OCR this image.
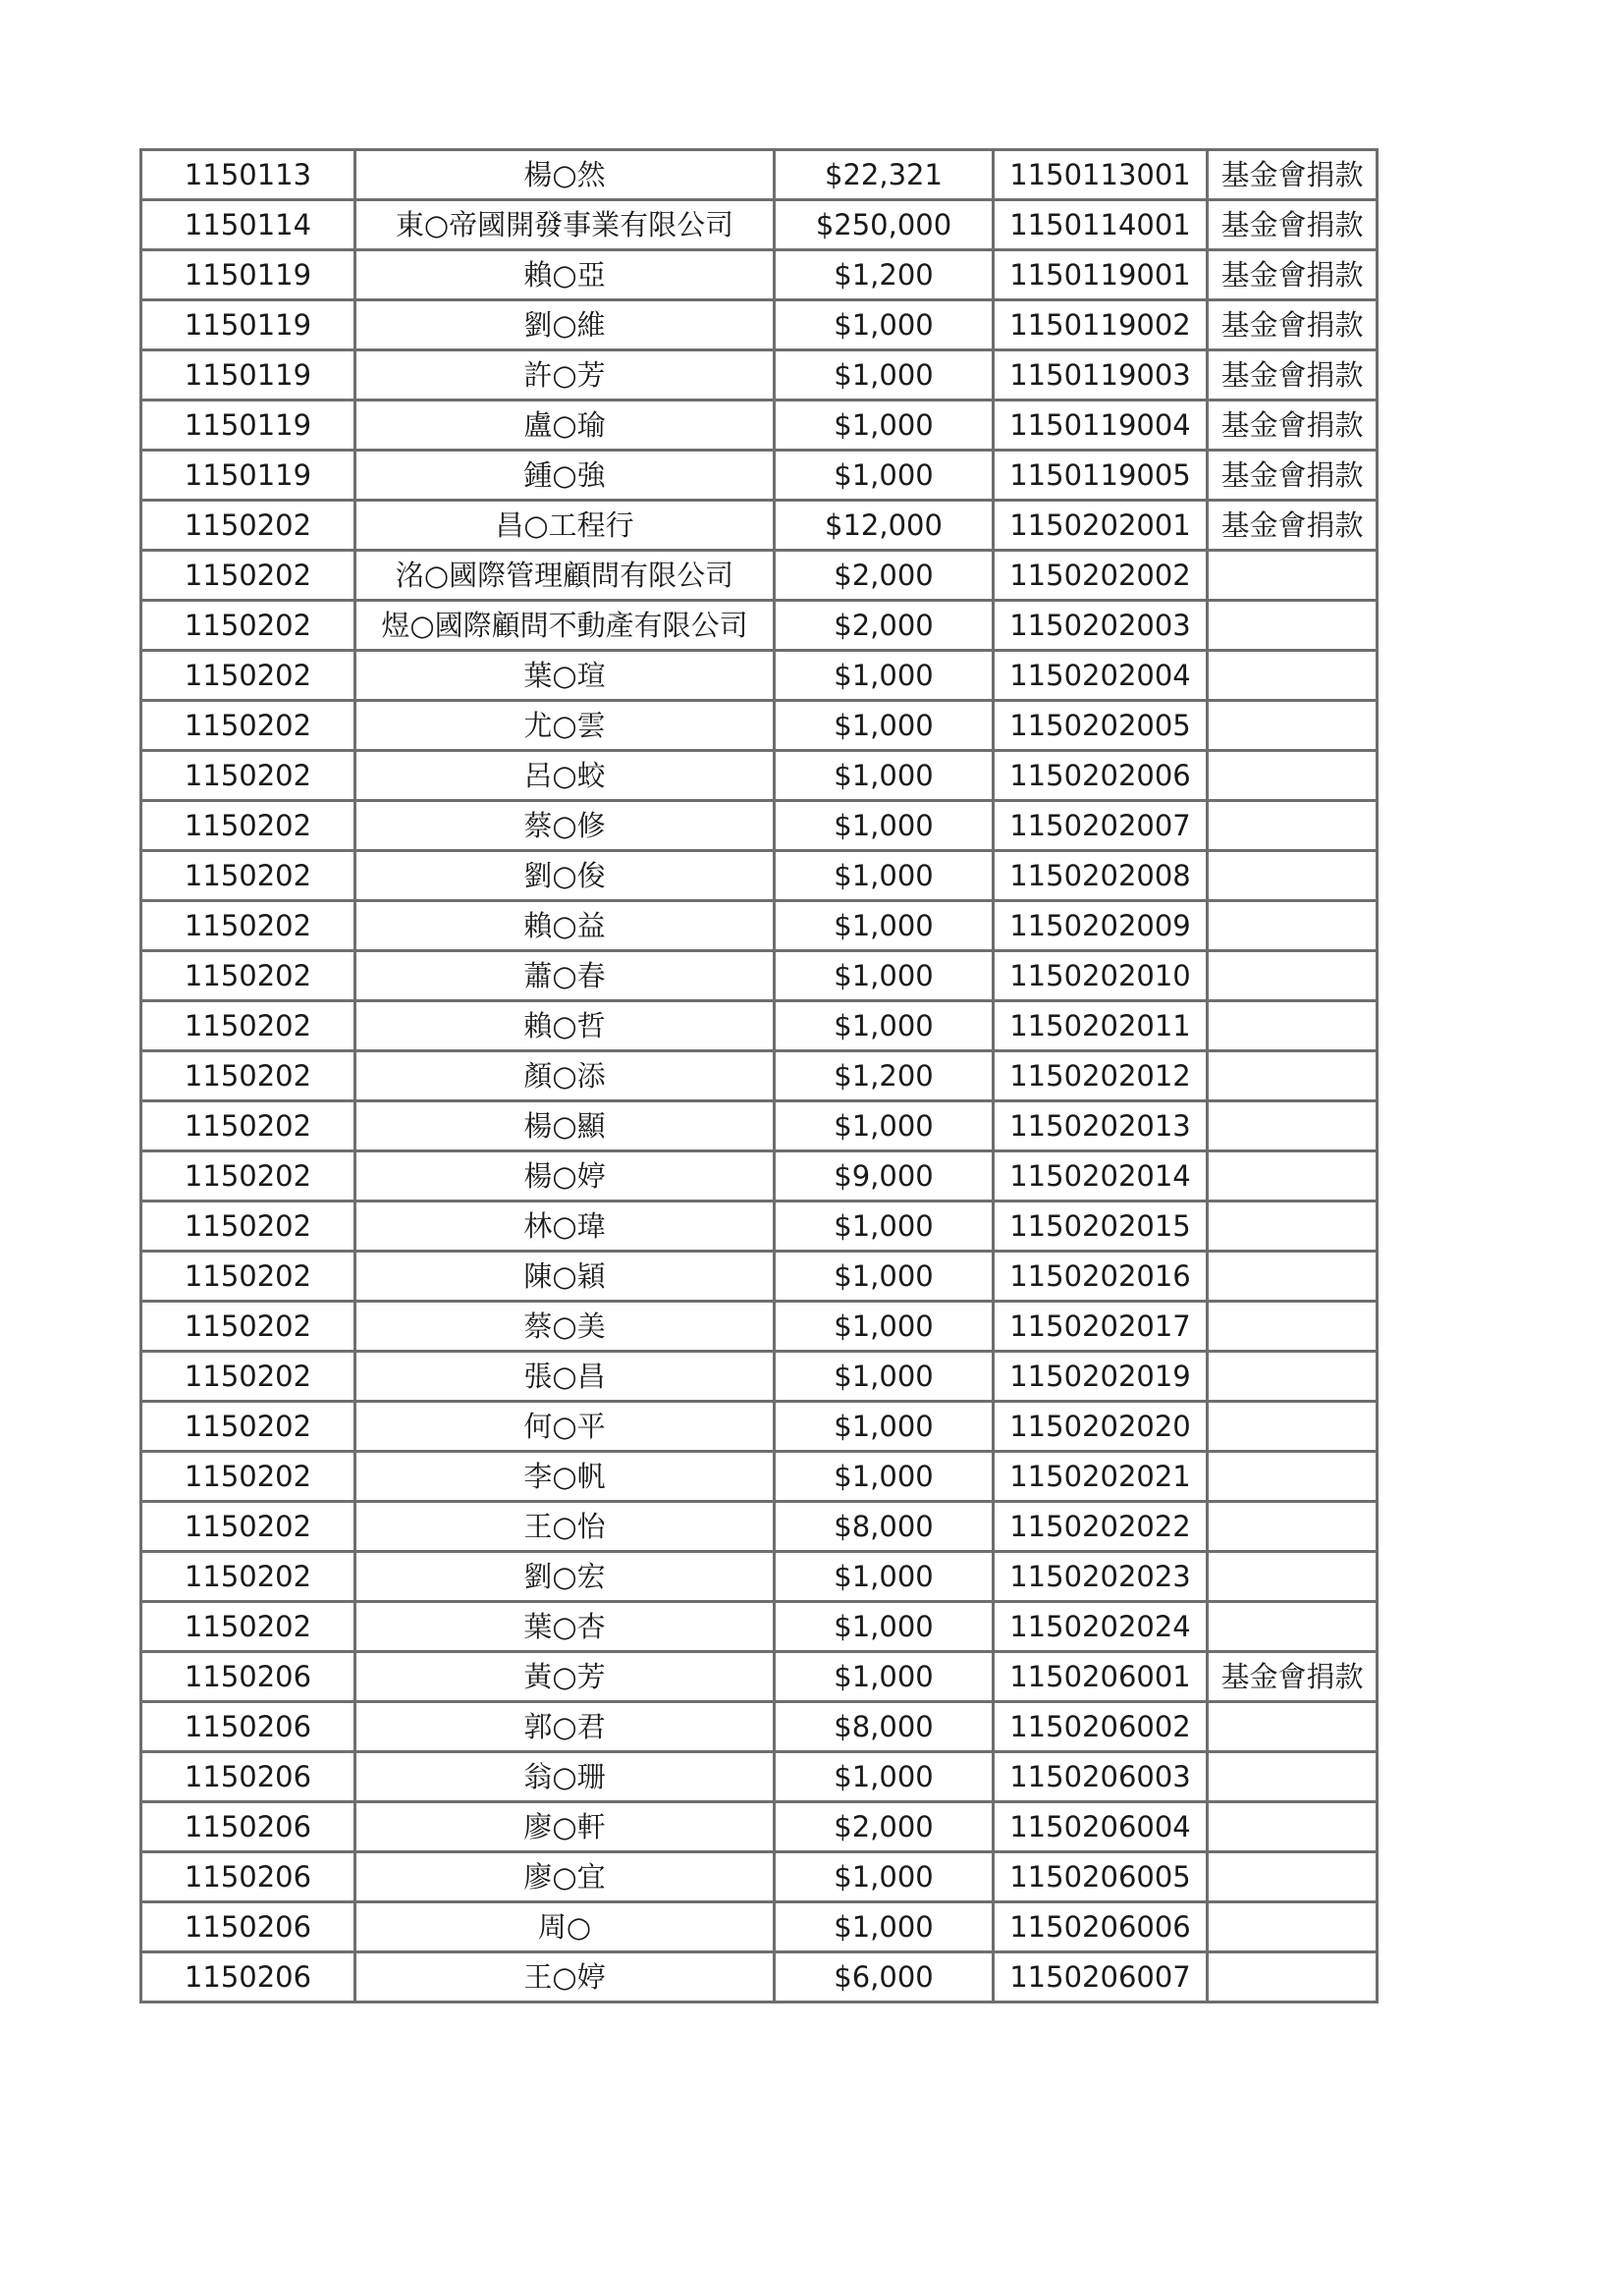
1150113	楊○然	$22,321	1150113001	基金會捐款
1150114	東○帝國開發事業有限公司	$250,000	1150114001	基金會捐款
1150119	賴○亞	$1,200	1150119001	基金會捐款
1150119	劉○維	$1,000	1150119002	基金會捐款
1150119	許○芳	$1,000	1150119003	基金會捐款
1150119	盧○瑜	$1,000	1150119004	基金會捐款
1150119	鍾○強	$1,000	1150119005	基金會捐款
1150202	昌○工程行	$12,000	1150202001	基金會捐款
1150202	洺○國際管理顧問有限公司	$2,000	1150202002	
1150202	煜○國際顧問不動產有限公司	$2,000	1150202003	
1150202	葉○瑄	$1,000	1150202004	
1150202	尤○雲	$1,000	1150202005	
1150202	呂○蛟	$1,000	1150202006	
1150202	蔡○修	$1,000	1150202007	
1150202	劉○俊	$1,000	1150202008	
1150202	賴○益	$1,000	1150202009	
1150202	蕭○春	$1,000	1150202010	
1150202	賴○哲	$1,000	1150202011	
1150202	顏○添	$1,200	1150202012	
1150202	楊○顯	$1,000	1150202013	
1150202	楊○婷	$9,000	1150202014	
1150202	林○瑋	$1,000	1150202015	
1150202	陳○穎	$1,000	1150202016	
1150202	蔡○美	$1,000	1150202017	
1150202	張○昌	$1,000	1150202019	
1150202	何○平	$1,000	1150202020	
1150202	李○帆	$1,000	1150202021	
1150202	王○怡	$8,000	1150202022	
1150202	劉○宏	$1,000	1150202023	
1150202	葉○杏	$1,000	1150202024	
1150206	黃○芳	$1,000	1150206001	基金會捐款
1150206	郭○君	$8,000	1150206002	
1150206	翁○珊	$1,000	1150206003	
1150206	廖○軒	$2,000	1150206004	
1150206	廖○宜	$1,000	1150206005	
1150206	周○	$1,000	1150206006	
1150206	王○婷	$6,000	1150206007	
